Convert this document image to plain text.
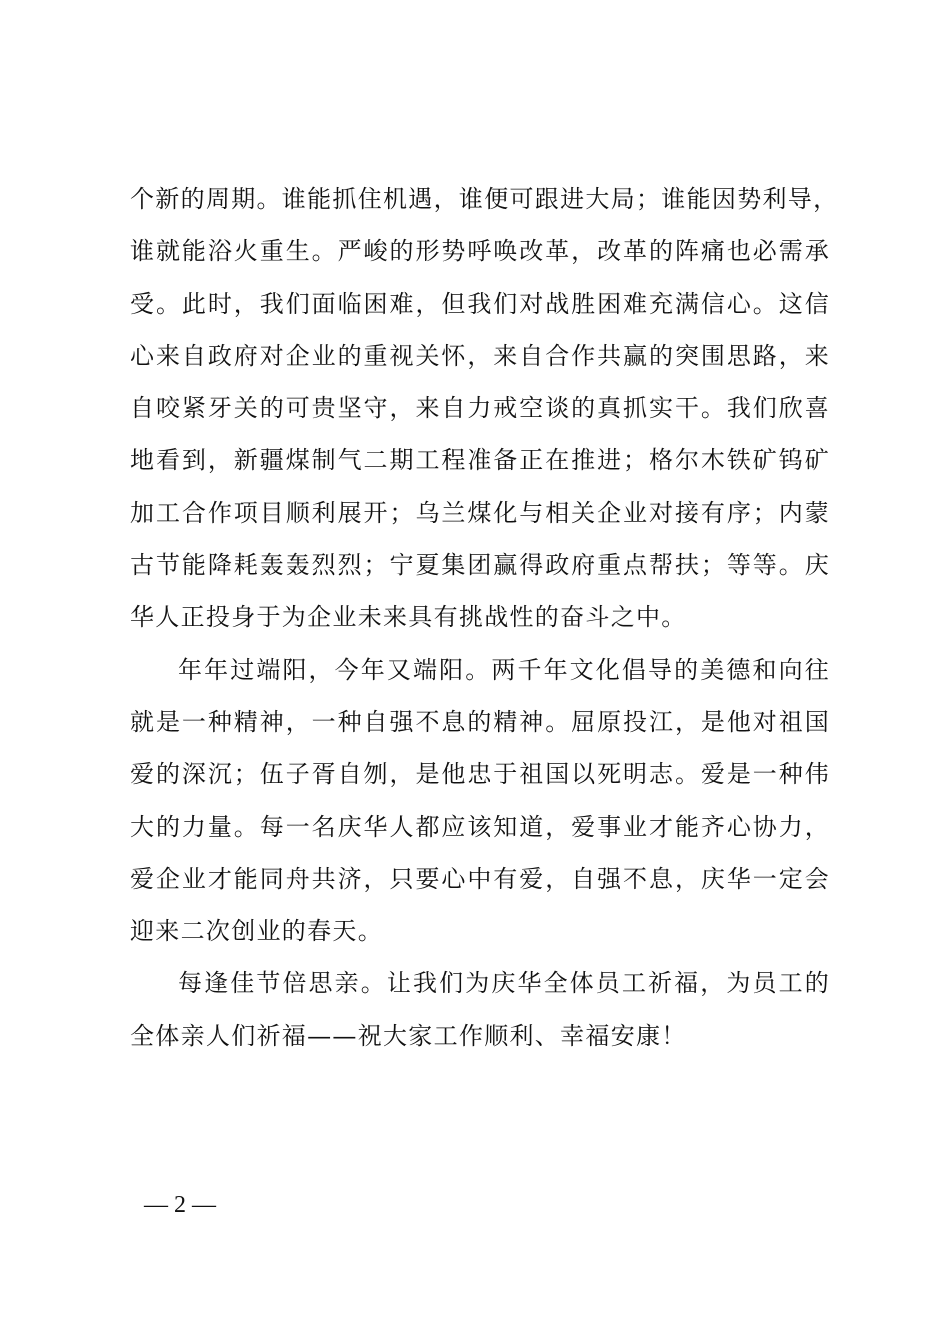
个新的周期。谁能抓住机遇，谁便可跟进大局；谁能因势利导，
谁就能浴火重生。严峻的形势呼唤改革，改革的阵痛也必需承
受。此时，我们面临困难，但我们对战胜困难充满信心。这信
心来自政府对企业的重视关怀，来自合作共赢的突围思路，来
自咬紧牙关的可贵坚守，来自力戒空谈的真抓实干。我们欣喜
地看到，新疆煤制气二期工程准备正在推进；格尔木铁矿钨矿
加工合作项目顺利展开；乌兰煤化与相关企业对接有序；内蒙
古节能降耗轰轰烈烈；宁夏集团赢得政府重点帮扶；等等。庆
华人正投身于为企业未来具有挑战性的奋斗之中。
年年过端阳，今年又端阳。两千年文化倡导的美德和向往
就是一种精神，一种自强不息的精神。屈原投江，是他对祖国
爱的深沉；伍子胥自刎，是他忠于祖国以死明志。爱是一种伟
大的力量。每一名庆华人都应该知道，爱事业才能齐心协力，
爱企业才能同舟共济，只要心中有爱，自强不息，庆华一定会
迎来二次创业的春天。
每逢佳节倍思亲。让我们为庆华全体员工祈福，为员工的
全体亲人们祈福——祝大家工作顺利、幸福安康！
— 2 —
